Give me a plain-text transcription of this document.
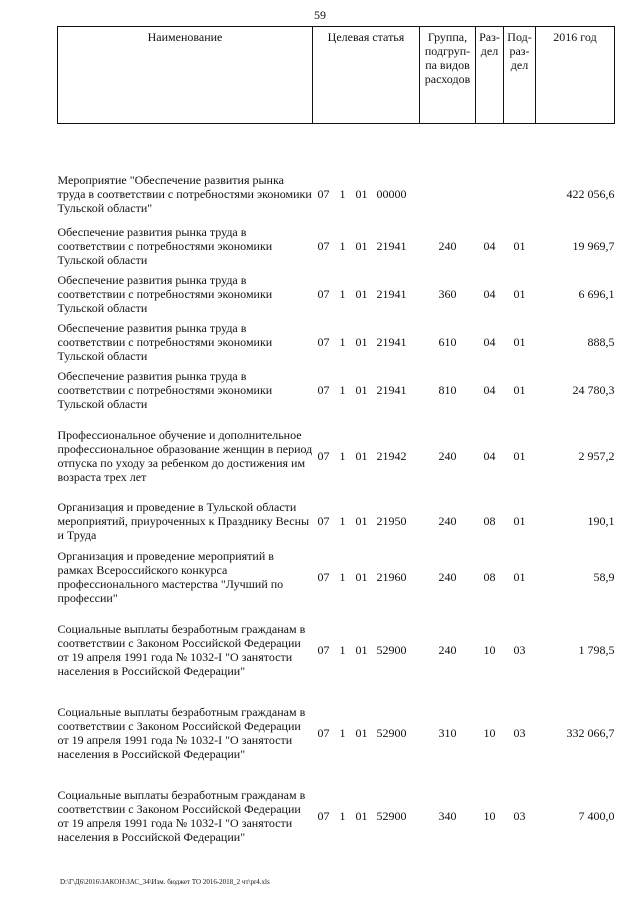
59
Наименование	Целевая статья	Группа, подгруп-па видов расходов	Раз-дел	Под-раз-дел	2016 год

Мероприятие "Обеспечение развития рынка труда в соответствии с потребностями экономики Тульской области"	07 1 01 00000				422 056,6
Обеспечение развития рынка труда в соответствии с потребностями экономики Тульской области	07 1 01 21941	240	04	01	19 969,7
Обеспечение развития рынка труда в соответствии с потребностями экономики Тульской области	07 1 01 21941	360	04	01	6 696,1
Обеспечение развития рынка труда в соответствии с потребностями экономики Тульской области	07 1 01 21941	610	04	01	888,5
Обеспечение развития рынка труда в соответствии с потребностями экономики Тульской области	07 1 01 21941	810	04	01	24 780,3
Профессиональное обучение и дополнительное профессиональное образование женщин в период отпуска по уходу за ребенком до достижения им возраста трех лет	07 1 01 21942	240	04	01	2 957,2
Организация и проведение в Тульской области мероприятий, приуроченных к Празднику Весны и Труда	07 1 01 21950	240	08	01	190,1
Организация и проведение мероприятий в рамках Всероссийского конкурса профессионального мастерства "Лучший по профессии"	07 1 01 21960	240	08	01	58,9
Социальные выплаты безработным гражданам в соответствии с Законом Российской Федерации от 19 апреля 1991 года № 1032-I "О занятости населения в Российской Федерации"	07 1 01 52900	240	10	03	1 798,5
Социальные выплаты безработным гражданам в соответствии с Законом Российской Федерации от 19 апреля 1991 года № 1032-I "О занятости населения в Российской Федерации"	07 1 01 52900	310	10	03	332 066,7
Социальные выплаты безработным гражданам в соответствии с Законом Российской Федерации от 19 апреля 1991 года № 1032-I "О занятости населения в Российской Федерации"	07 1 01 52900	340	10	03	7 400,0
D:\Г\Д6\2016\ЗАКОН\ЗАС_34\Изм. бюджет ТО 2016-2018_2 чт\pr4.xls
